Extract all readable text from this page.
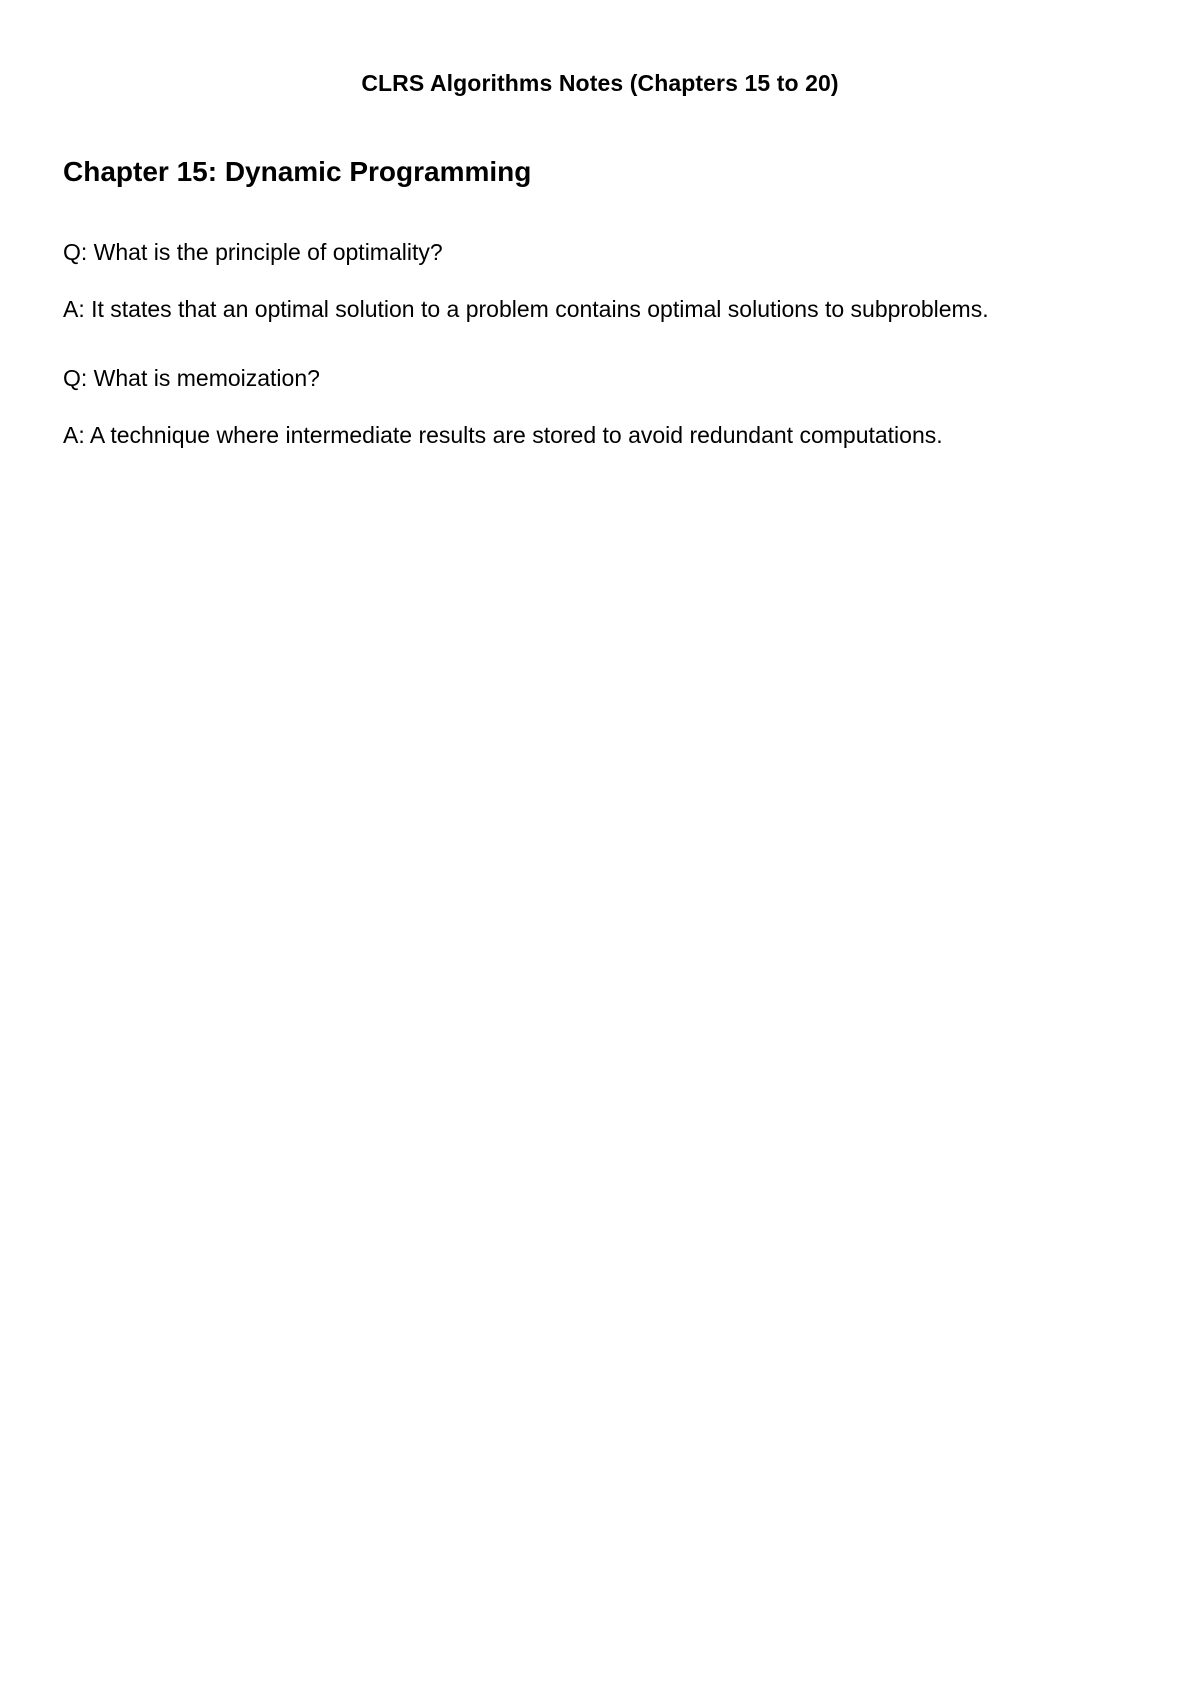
CLRS Algorithms Notes (Chapters 15 to 20)
Chapter 15: Dynamic Programming

Q: What is the principle of optimality?

A: It states that an optimal solution to a problem contains optimal solutions to subproblems.

Q: What is memoization?

A: A technique where intermediate results are stored to avoid redundant computations.
